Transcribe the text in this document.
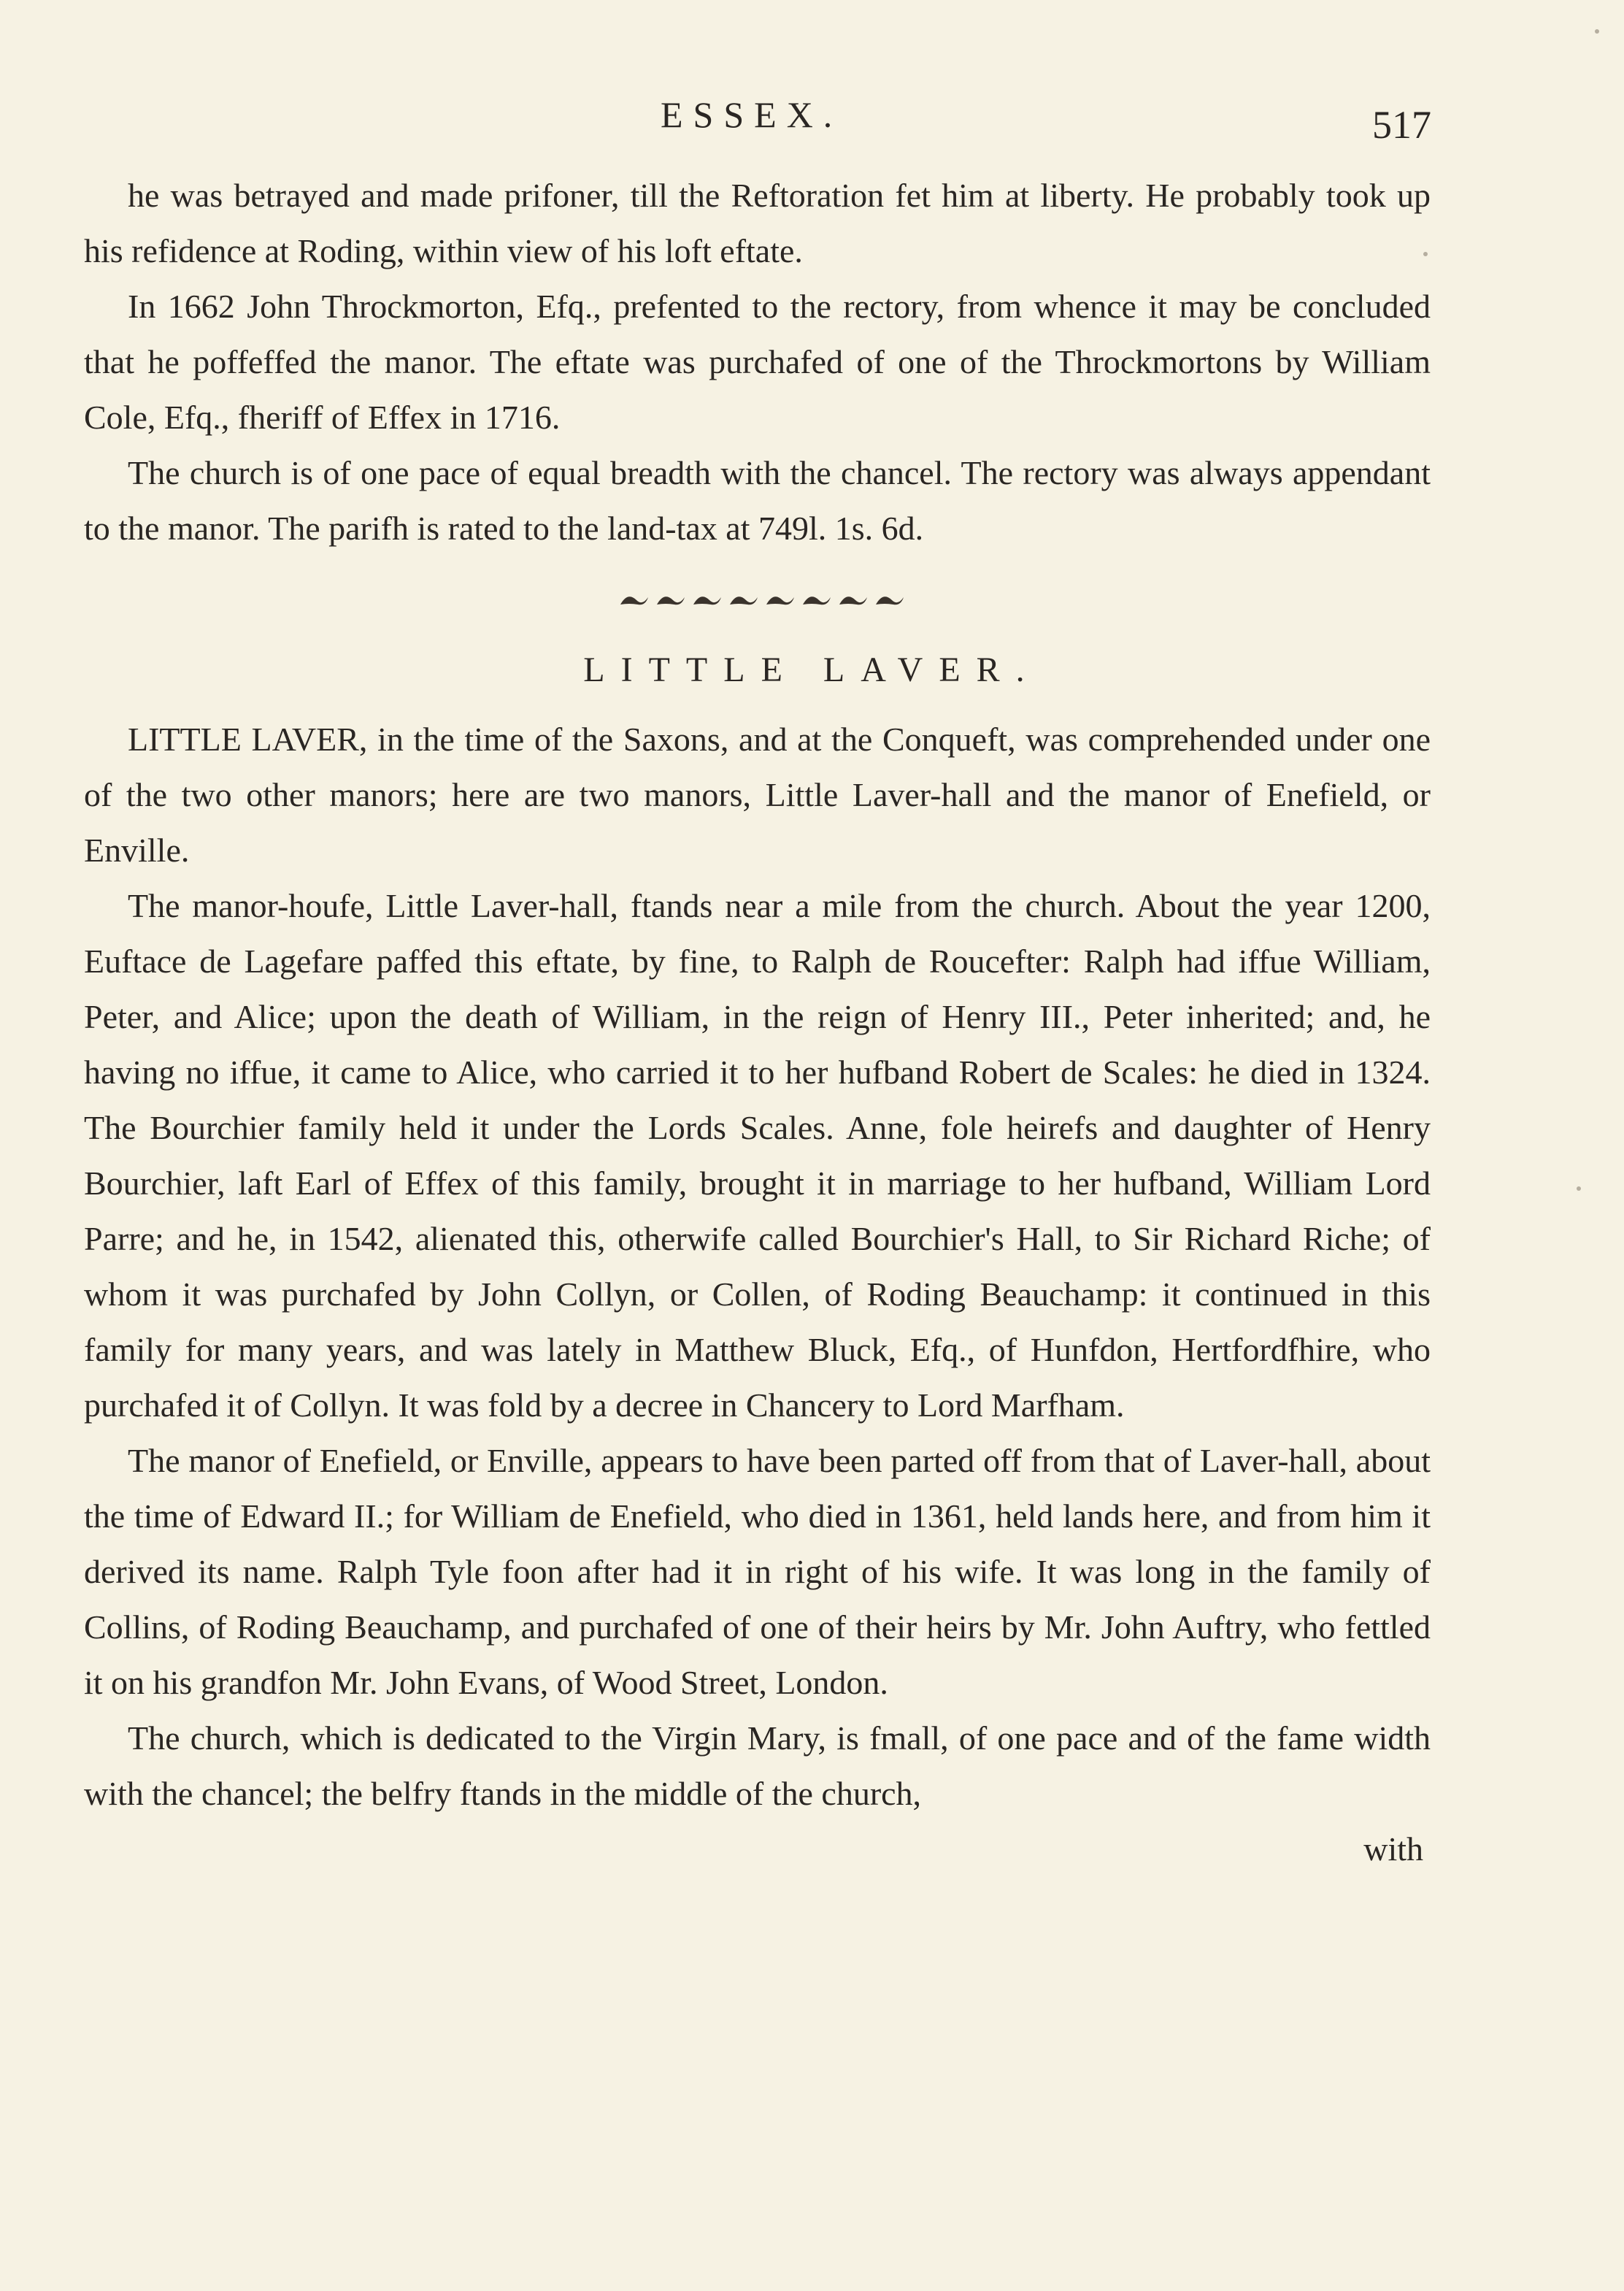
ESSEX.	517

he was betrayed and made prifoner, till the Reftoration fet him at liberty. He probably took up his refidence at Roding, within view of his loft eftate.

In 1662 John Throckmorton, Efq., prefented to the rectory, from whence it may be concluded that he poffeffed the manor. The eftate was purchafed of one of the Throckmortons by William Cole, Efq., fheriff of Effex in 1716.

The church is of one pace of equal breadth with the chancel. The rectory was always appendant to the manor. The parifh is rated to the land-tax at 749l. 1s. 6d.

LITTLE LAVER.

LITTLE LAVER, in the time of the Saxons, and at the Conqueft, was comprehended under one of the two other manors; here are two manors, Little Laver-hall and the manor of Enefield, or Enville.

The manor-houfe, Little Laver-hall, ftands near a mile from the church. About the year 1200, Euftace de Lagefare paffed this eftate, by fine, to Ralph de Roucefter: Ralph had iffue William, Peter, and Alice; upon the death of William, in the reign of Henry III., Peter inherited; and, he having no iffue, it came to Alice, who carried it to her hufband Robert de Scales: he died in 1324. The Bourchier family held it under the Lords Scales. Anne, fole heirefs and daughter of Henry Bourchier, laft Earl of Effex of this family, brought it in marriage to her hufband, William Lord Parre; and he, in 1542, alienated this, otherwife called Bourchier's Hall, to Sir Richard Riche; of whom it was purchafed by John Collyn, or Collen, of Roding Beauchamp: it continued in this family for many years, and was lately in Matthew Bluck, Efq., of Hunfdon, Hertfordfhire, who purchafed it of Collyn. It was fold by a decree in Chancery to Lord Marfham.

The manor of Enefield, or Enville, appears to have been parted off from that of Laver-hall, about the time of Edward II.; for William de Enefield, who died in 1361, held lands here, and from him it derived its name. Ralph Tyle foon after had it in right of his wife. It was long in the family of Collins, of Roding Beauchamp, and purchafed of one of their heirs by Mr. John Auftry, who fettled it on his grandfon Mr. John Evans, of Wood Street, London.

The church, which is dedicated to the Virgin Mary, is fmall, of one pace and of the fame width with the chancel; the belfry ftands in the middle of the church,

with
